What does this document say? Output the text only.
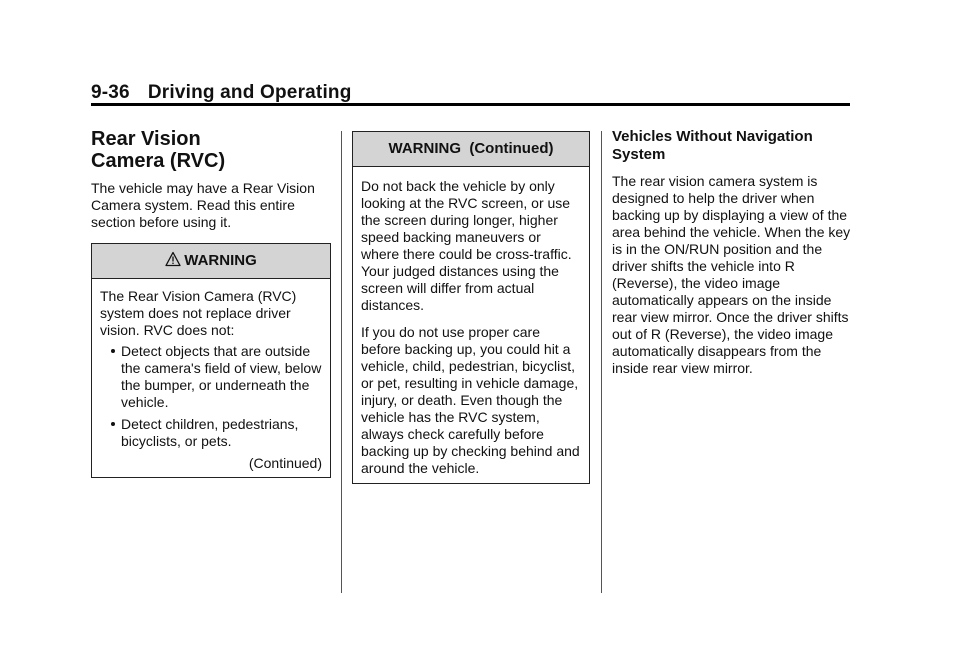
9-36 Driving and Operating
Rear Vision
Camera (RVC)

The vehicle may have a Rear Vision Camera system. Read this entire section before using it.

WARNING

The Rear Vision Camera (RVC) system does not replace driver vision. RVC does not:

Detect objects that are outside the camera's field of view, below the bumper, or underneath the vehicle.
Detect children, pedestrians, bicyclists, or pets.
(Continued)
WARNING  (Continued)

Do not back the vehicle by only looking at the RVC screen, or use the screen during longer, higher speed backing maneuvers or where there could be cross-traffic. Your judged distances using the screen will differ from actual distances.

If you do not use proper care before backing up, you could hit a vehicle, child, pedestrian, bicyclist, or pet, resulting in vehicle damage, injury, or death. Even though the vehicle has the RVC system, always check carefully before backing up by checking behind and around the vehicle.

Vehicles Without Navigation System

The rear vision camera system is designed to help the driver when backing up by displaying a view of the area behind the vehicle. When the key is in the ON/RUN position and the driver shifts the vehicle into R (Reverse), the video image automatically appears on the inside rear view mirror. Once the driver shifts out of R (Reverse), the video image automatically disappears from the inside rear view mirror.
